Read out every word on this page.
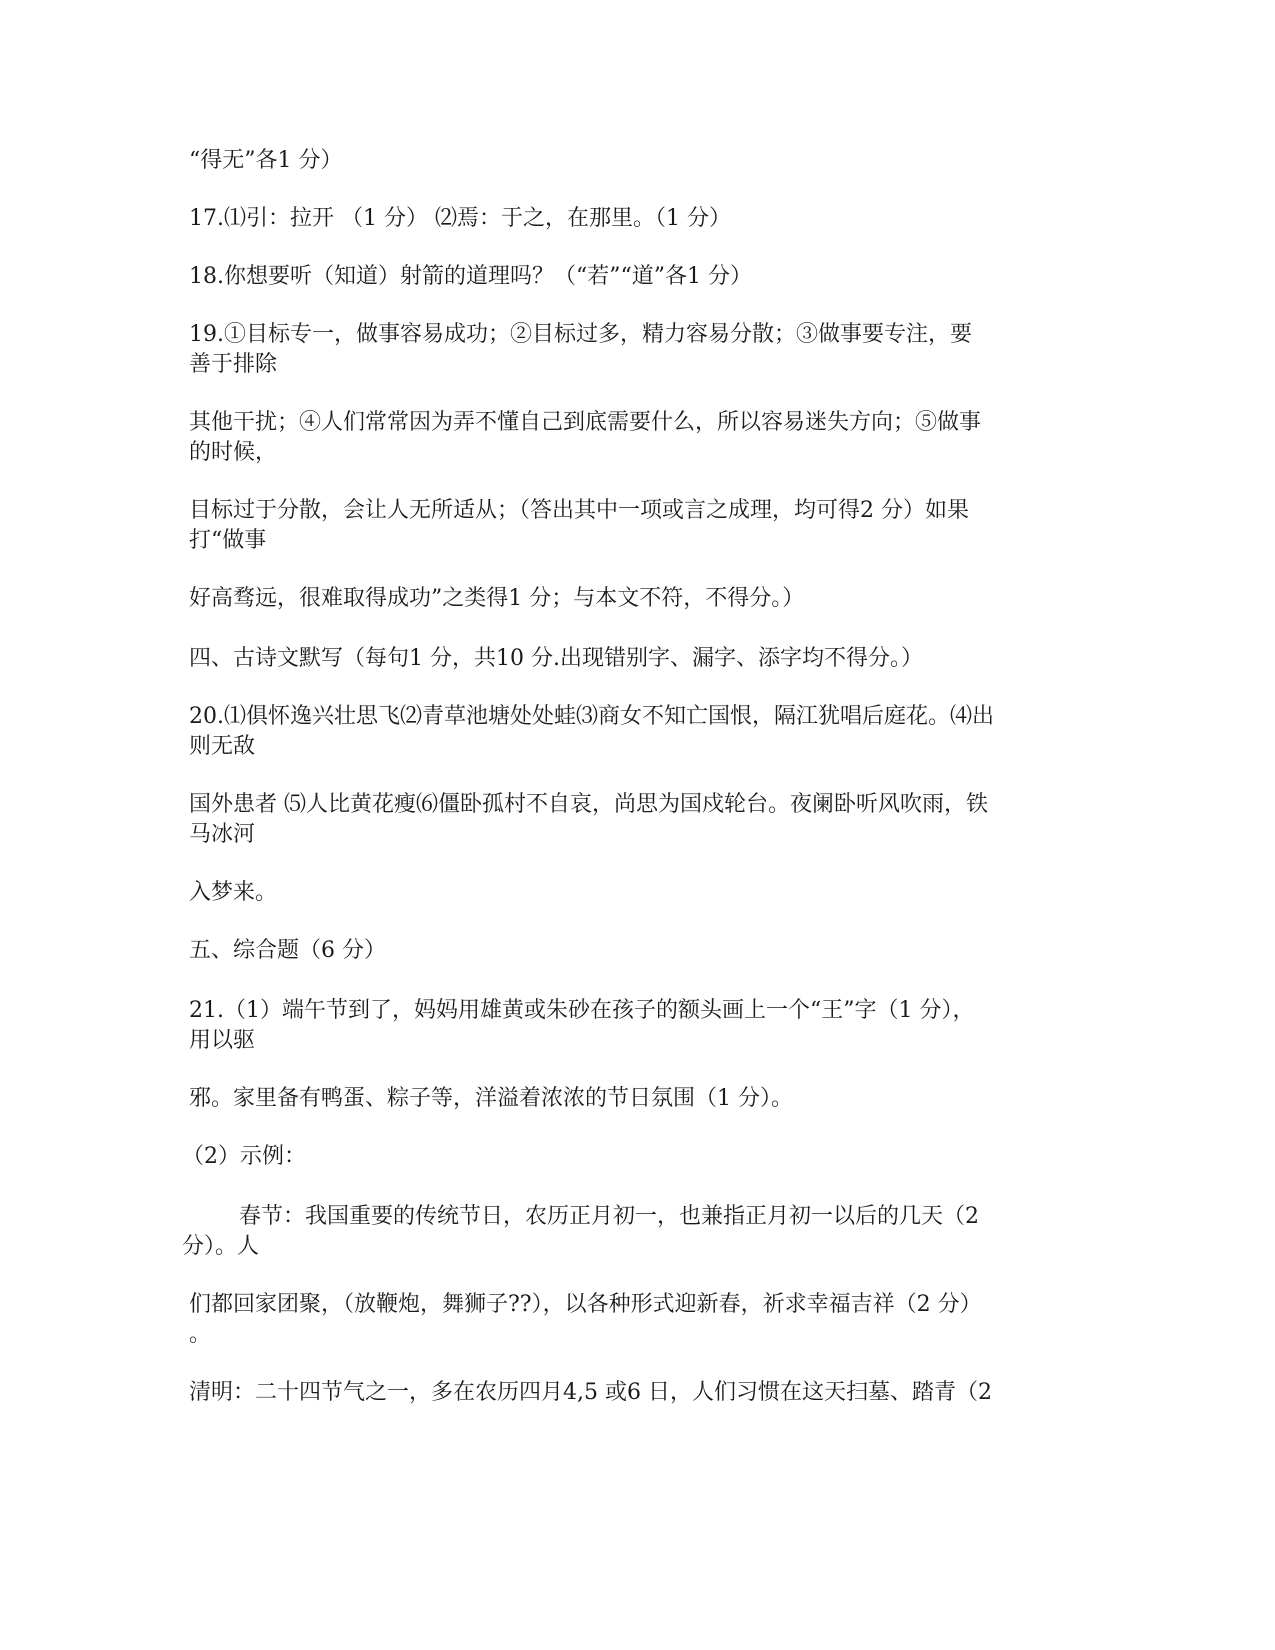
“得无”各1 分）
17.⑴引：拉开 （1 分） ⑵焉：于之，在那里。（1 分）
18.你想要听（知道）射箭的道理吗？（“若”“道”各1 分）
19.①目标专一，做事容易成功；②目标过多，精力容易分散；③做事要专注，要
善于排除
其他干扰；④人们常常因为弄不懂自己到底需要什么，所以容易迷失方向；⑤做事
的时候，
目标过于分散，会让人无所适从；（答出其中一项或言之成理，均可得2 分）如果
打“做事
好高骛远，很难取得成功”之类得1 分；与本文不符，不得分。）
四、古诗文默写（每句1 分，共10 分.出现错别字、漏字、添字均不得分。）
20.⑴俱怀逸兴壮思飞⑵青草池塘处处蛙⑶商女不知亡国恨，隔江犹唱后庭花。⑷出
则无敌
国外患者 ⑸人比黄花瘦⑹僵卧孤村不自哀，尚思为国戍轮台。夜阑卧听风吹雨，铁
马冰河
入梦来。
五、综合题（6 分）
21.（1）端午节到了，妈妈用雄黄或朱砂在孩子的额头画上一个“王”字（1 分），
用以驱
邪。家里备有鸭蛋、粽子等，洋溢着浓浓的节日氛围（1 分）。
（2）示例：
春节：我国重要的传统节日，农历正月初一，也兼指正月初一以后的几天（2
分）。人
们都回家团聚，（放鞭炮，舞狮子??），以各种形式迎新春，祈求幸福吉祥（2 分）
。
清明：二十四节气之一，多在农历四月4,5 或6 日，人们习惯在这天扫墓、踏青（2
